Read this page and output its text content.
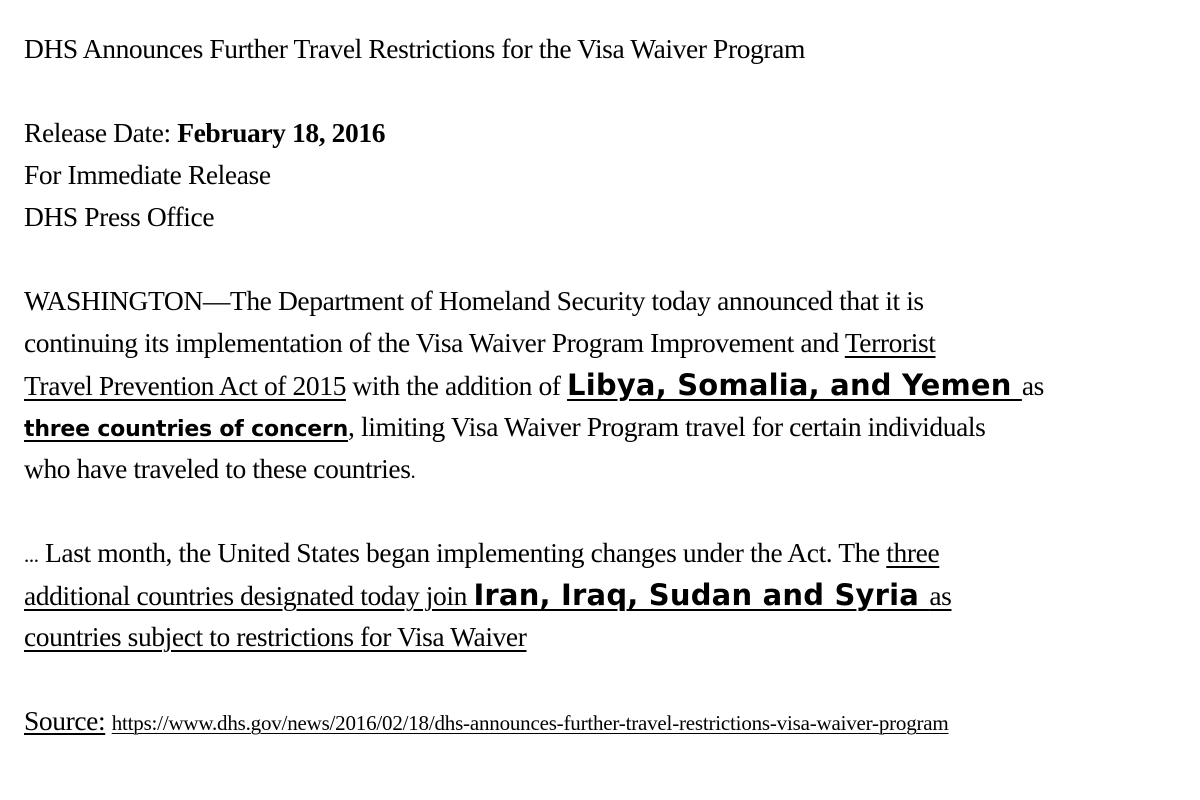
DHS Announces Further Travel Restrictions for the Visa Waiver Program
Release Date: February 18, 2016
For Immediate Release
DHS Press Office
WASHINGTON—The Department of Homeland Security today announced that it is
continuing its implementation of the Visa Waiver Program Improvement and Terrorist
Travel Prevention Act of 2015 with the addition of Libya, Somalia, and Yemen as
three countries of concern, limiting Visa Waiver Program travel for certain individuals
who have traveled to these countries.
... Last month, the United States began implementing changes under the Act. The three
additional countries designated today join Iran, Iraq, Sudan and Syria as
countries subject to restrictions for Visa Waiver
Source: https://www.dhs.gov/news/2016/02/18/dhs-announces-further-travel-restrictions-visa-waiver-program
